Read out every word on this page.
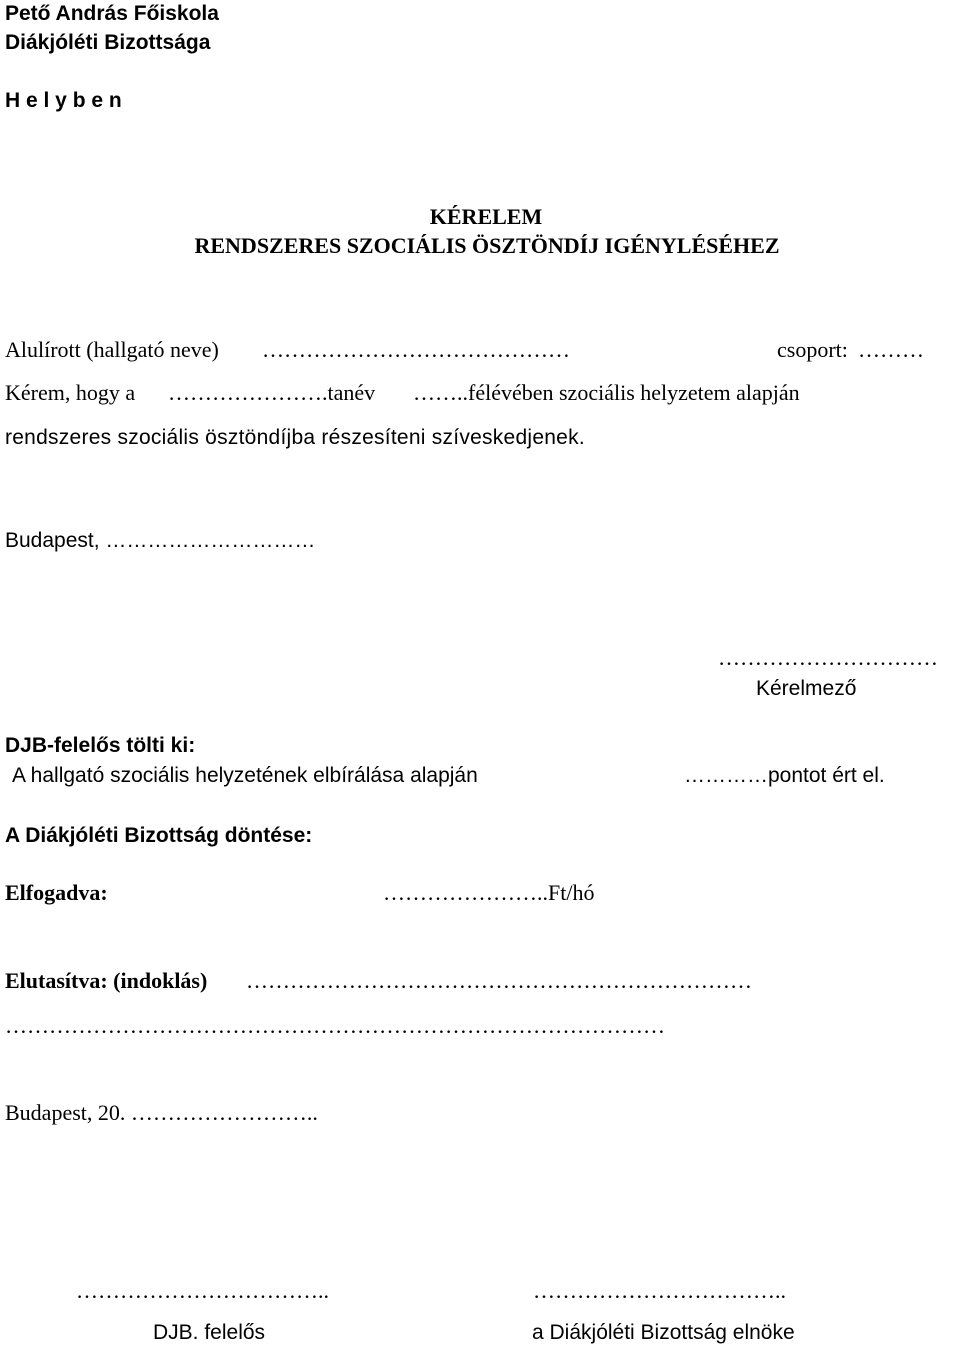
Pető András Főiskola

Diákjóléti Bizottsága

H e l y b e n

KÉRELEM

RENDSZERES SZOCIÁLIS ÖSZTÖNDÍJ IGÉNYLÉSÉHEZ

Alulírott (hallgató neve) ……………………………………	csoport: ………

Kérem, hogy a ………………….tanév ……..félévében szociális helyzetem alapján

rendszeres szociális ösztöndíjba részesíteni szíveskedjenek.

Budapest, …………………………

…………………………

Kérelmező

DJB-felelős tölti ki:

A hallgató szociális helyzetének elbírálása alapján	…………pontot ért el.

A Diákjóléti Bizottság döntése:

Elfogadva:	…………………..Ft/hó

Elutasítva: (indoklás) ……………………………………………………………

………………………………………………………………………………

Budapest, 20. ……………………..

……………………………..

DJB. felelős

……………………………..

a Diákjóléti Bizottság elnöke
